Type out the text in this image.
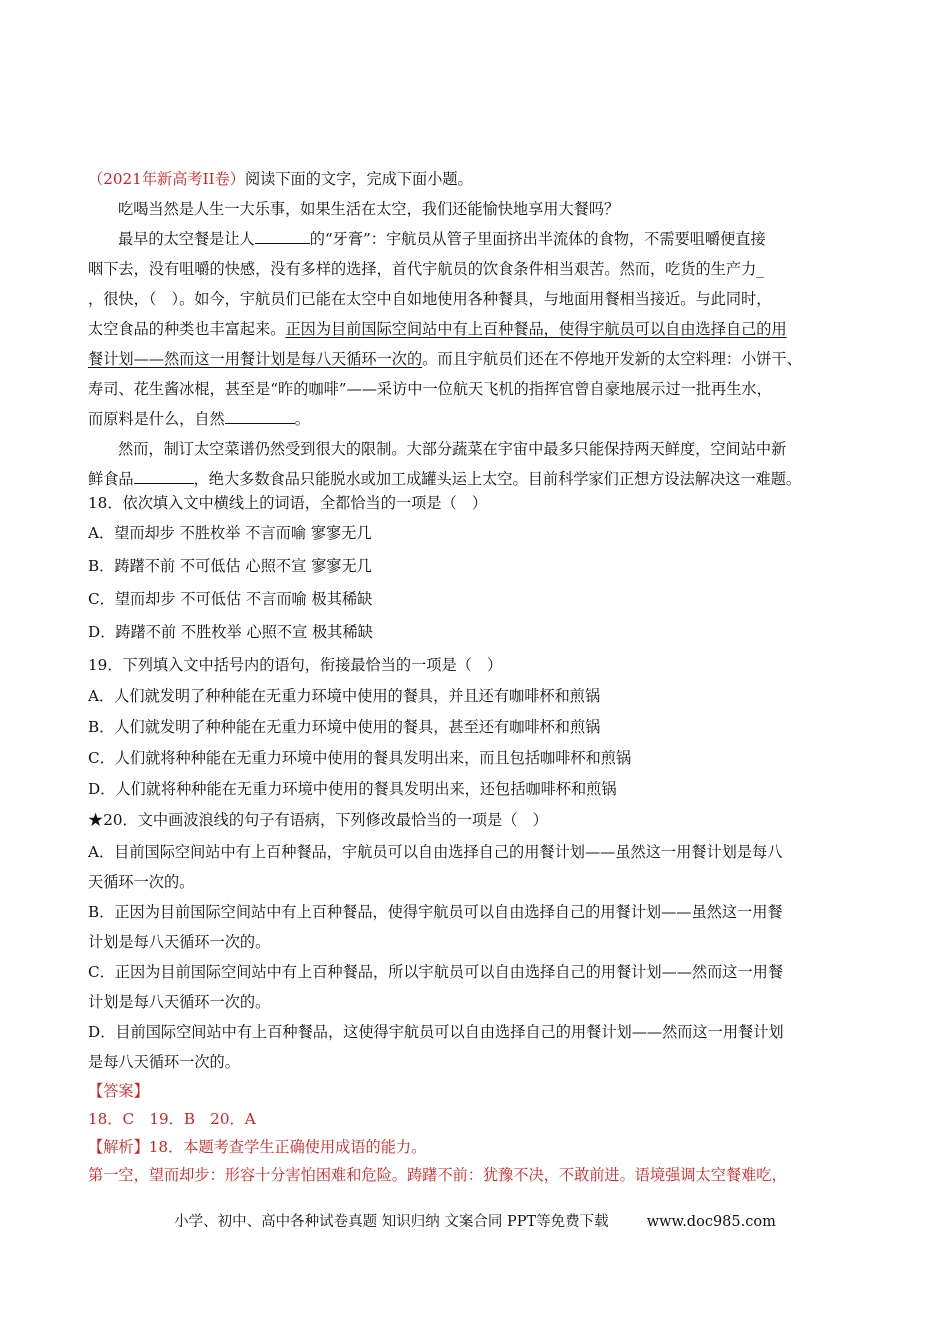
（2021年新高考II卷）阅读下面的文字，完成下面小题。
吃喝当然是人生一大乐事，如果生活在太空，我们还能愉快地享用大餐吗？
最早的太空餐是让人	的“牙膏”：宇航员从管子里面挤出半流体的食物，不需要咀嚼便直接
咽下去，没有咀嚼的快感，没有多样的选择，首代宇航员的饮食条件相当艰苦。然而，吃货的生产力_
，很快，（　）。如今，宇航员们已能在太空中自如地使用各种餐具，与地面用餐相当接近。与此同时，
太空食品的种类也丰富起来。正因为目前国际空间站中有上百种餐品，使得宇航员可以自由选择自己的用
餐计划——然而这一用餐计划是每八天循环一次的。而且宇航员们还在不停地开发新的太空料理：小饼干、
寿司、花生酱冰棍，甚至是“昨的咖啡”——采访中一位航天飞机的指挥官曾自豪地展示过一批再生水，
而原料是什么，自然	。
然而，制订太空菜谱仍然受到很大的限制。大部分蔬菜在宇宙中最多只能保持两天鲜度，空间站中新
鲜食品	，绝大多数食品只能脱水或加工成罐头运上太空。目前科学家们正想方设法解决这一难题。
18．依次填入文中横线上的词语，全都恰当的一项是（　）
A．望而却步 不胜枚举 不言而喻 寥寥无几
B．踌躇不前 不可低估 心照不宣 寥寥无几
C．望而却步 不可低估 不言而喻 极其稀缺
D．踌躇不前 不胜枚举 心照不宣 极其稀缺
19．下列填入文中括号内的语句，衔接最恰当的一项是（　）
A．人们就发明了种种能在无重力环境中使用的餐具，并且还有咖啡杯和煎锅
B．人们就发明了种种能在无重力环境中使用的餐具，甚至还有咖啡杯和煎锅
C．人们就将种种能在无重力环境中使用的餐具发明出来，而且包括咖啡杯和煎锅
D．人们就将种种能在无重力环境中使用的餐具发明出来，还包括咖啡杯和煎锅
★20．文中画波浪线的句子有语病，下列修改最恰当的一项是（　）
A．目前国际空间站中有上百种餐品，宇航员可以自由选择自己的用餐计划——虽然这一用餐计划是每八
天循环一次的。
B．正因为目前国际空间站中有上百种餐品，使得宇航员可以自由选择自己的用餐计划——虽然这一用餐
计划是每八天循环一次的。
C．正因为目前国际空间站中有上百种餐品，所以宇航员可以自由选择自己的用餐计划——然而这一用餐
计划是每八天循环一次的。
D．目前国际空间站中有上百种餐品，这使得宇航员可以自由选择自己的用餐计划——然而这一用餐计划
是每八天循环一次的。
【答案】
18．C　19．B　20．A
【解析】18．本题考查学生正确使用成语的能力。
第一空，望而却步：形容十分害怕困难和危险。踌躇不前：犹豫不决，不敢前进。语境强调太空餐难吃，
小学、初中、高中各种试卷真题 知识归纳 文案合同 PPT等免费下载	www.doc985.com
